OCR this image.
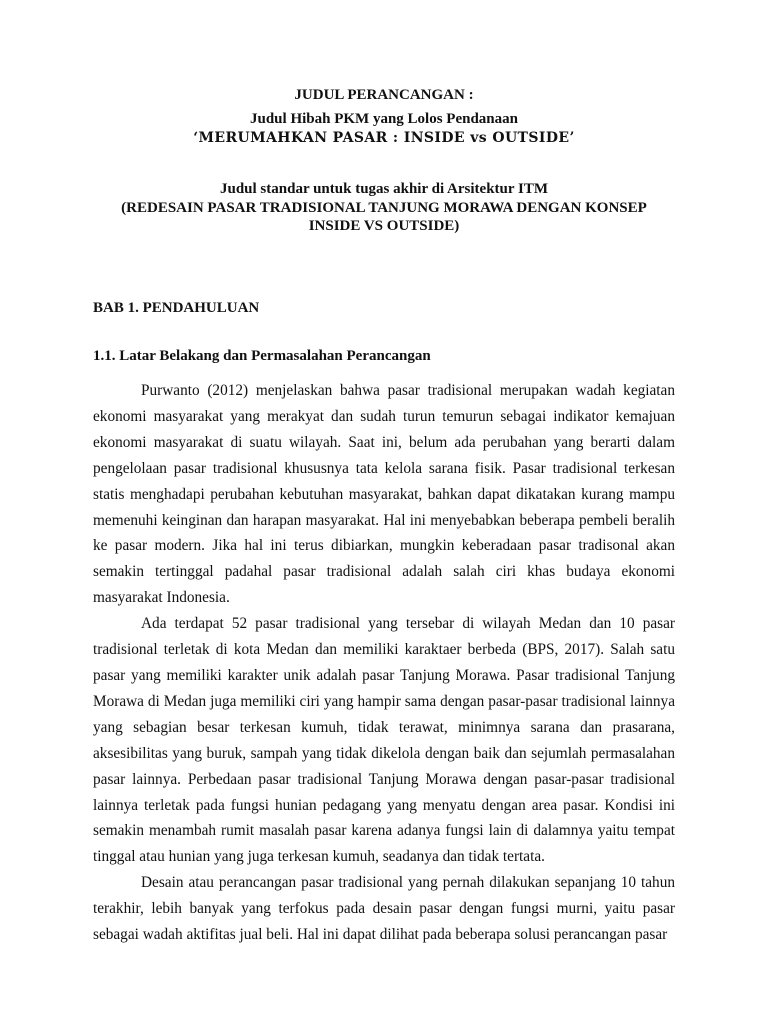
JUDUL PERANCANGAN :
Judul Hibah PKM yang Lolos Pendanaan
‘MERUMAHKAN PASAR : INSIDE vs OUTSIDE’
Judul standar untuk tugas akhir di Arsitektur ITM
(REDESAIN PASAR TRADISIONAL TANJUNG MORAWA DENGAN KONSEP
INSIDE VS OUTSIDE)
BAB 1. PENDAHULUAN
1.1. Latar Belakang dan Permasalahan Perancangan

Purwanto (2012) menjelaskan bahwa pasar tradisional merupakan wadah kegiatan ekonomi masyarakat yang merakyat dan sudah turun temurun sebagai indikator kemajuan ekonomi masyarakat di suatu wilayah. Saat ini, belum ada perubahan yang berarti dalam pengelolaan pasar tradisional khususnya tata kelola sarana fisik. Pasar tradisional terkesan statis menghadapi perubahan kebutuhan masyarakat, bahkan dapat dikatakan kurang mampu memenuhi keinginan dan harapan masyarakat. Hal ini menyebabkan beberapa pembeli beralih ke pasar modern. Jika hal ini terus dibiarkan, mungkin keberadaan pasar tradisonal akan semakin tertinggal padahal pasar tradisional adalah salah ciri khas budaya ekonomi masyarakat Indonesia.

Ada terdapat 52 pasar tradisional yang tersebar di wilayah Medan dan 10 pasar tradisional terletak di kota Medan dan memiliki karaktaer berbeda (BPS, 2017). Salah satu pasar yang memiliki karakter unik adalah pasar Tanjung Morawa. Pasar tradisional Tanjung Morawa di Medan juga memiliki ciri yang hampir sama dengan pasar-pasar tradisional lainnya yang sebagian besar terkesan kumuh, tidak terawat, minimnya sarana dan prasarana, aksesibilitas yang buruk, sampah yang tidak dikelola dengan baik dan sejumlah permasalahan pasar lainnya. Perbedaan pasar tradisional Tanjung Morawa dengan pasar-pasar tradisional lainnya terletak pada fungsi hunian pedagang yang menyatu dengan area pasar. Kondisi ini semakin menambah rumit masalah pasar karena adanya fungsi lain di dalamnya yaitu tempat tinggal atau hunian yang juga terkesan kumuh, seadanya dan tidak tertata.

Desain atau perancangan pasar tradisional yang pernah dilakukan sepanjang 10 tahun terakhir, lebih banyak yang terfokus pada desain pasar dengan fungsi murni, yaitu pasar sebagai wadah aktifitas jual beli. Hal ini dapat dilihat pada beberapa solusi perancangan pasar
